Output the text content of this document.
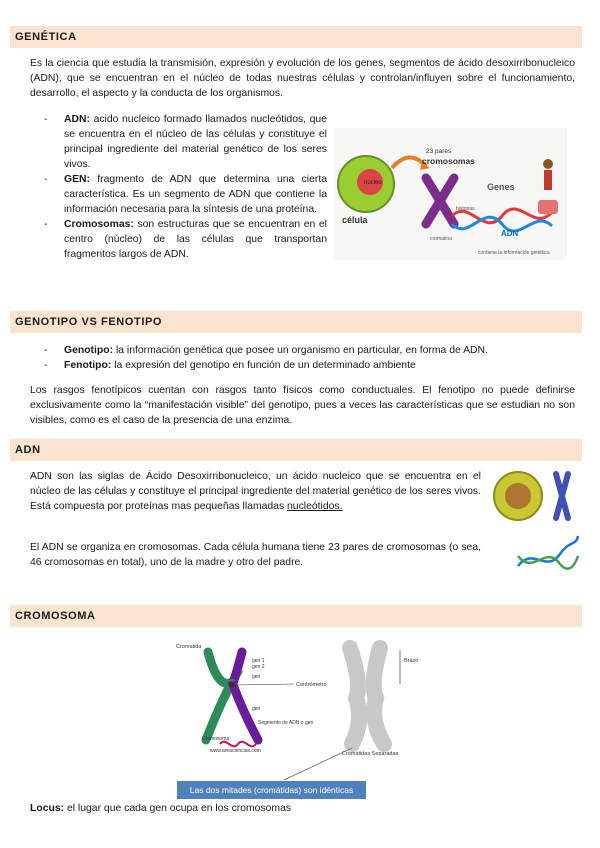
GENÉTICA
Es la ciencia que estudia la transmisión, expresión y evolución de los genes, segmentos de ácido desoxirribonucleico (ADN), que se encuentran en el núcleo de todas nuestras células y controlan/influyen sobre el funcionamiento, desarrollo, el aspecto y la conducta de los organismos.
- ADN: acido nucleico formado llamados nucleótidos, que se encuentra en el núcleo de las células y constituye el principal ingrediente del material genético de los seres vivos.
- GEN: fragmento de ADN que determina una cierta característica. Es un segmento de ADN que contiene la información necesaria para la síntesis de una proteína.
- Cromosomas: son estructuras que se encuentran en el centro (núcleo) de las células que transportan fragmentos largos de ADN.
núcleo
célula
23 pares
cromosomas
Genes
histonas
cromatina
ADN
contiene la información genética
GENOTIPO VS FENOTIPO
- Genotipo: la información genética que posee un organismo en particular, en forma de ADN.
- Fenotipo: la expresión del genotipo en función de un determinado ambiente
Los rasgos fenotípicos cuentan con rasgos tanto físicos como conductuales. El fenotipo no puede definirse exclusivamente como la “manifestación visible” del genotipo, pues a veces las características que se estudian no son visibles, como es el caso de la presencia de una enzima.
ADN
ADN son las siglas de Ácido Desoxirribonucleico, un ácido nucleico que se encuentra en el núcleo de las células y constituye el principal ingrediente del material genético de los seres vivos. Está compuesta por proteínas mas pequeñas llamadas nucleótidos.
El ADN se organiza en cromosomas. Cada célula humana tiene 23 pares de cromosomas (o sea, 46 cromosomas en total), uno de la madre y otro del padre.
CROMOSOMA
Cromatida
gen 1
gen 2
gen
Centrómetro
gen
Segmento de ADN o gen
Cromosoma
www.areaciencias.com
Brazo
Cromátidas Separadas
Las dos mitades (cromátidas) son idénticas
Locus: el lugar que cada gen ocupa en los cromosomas
